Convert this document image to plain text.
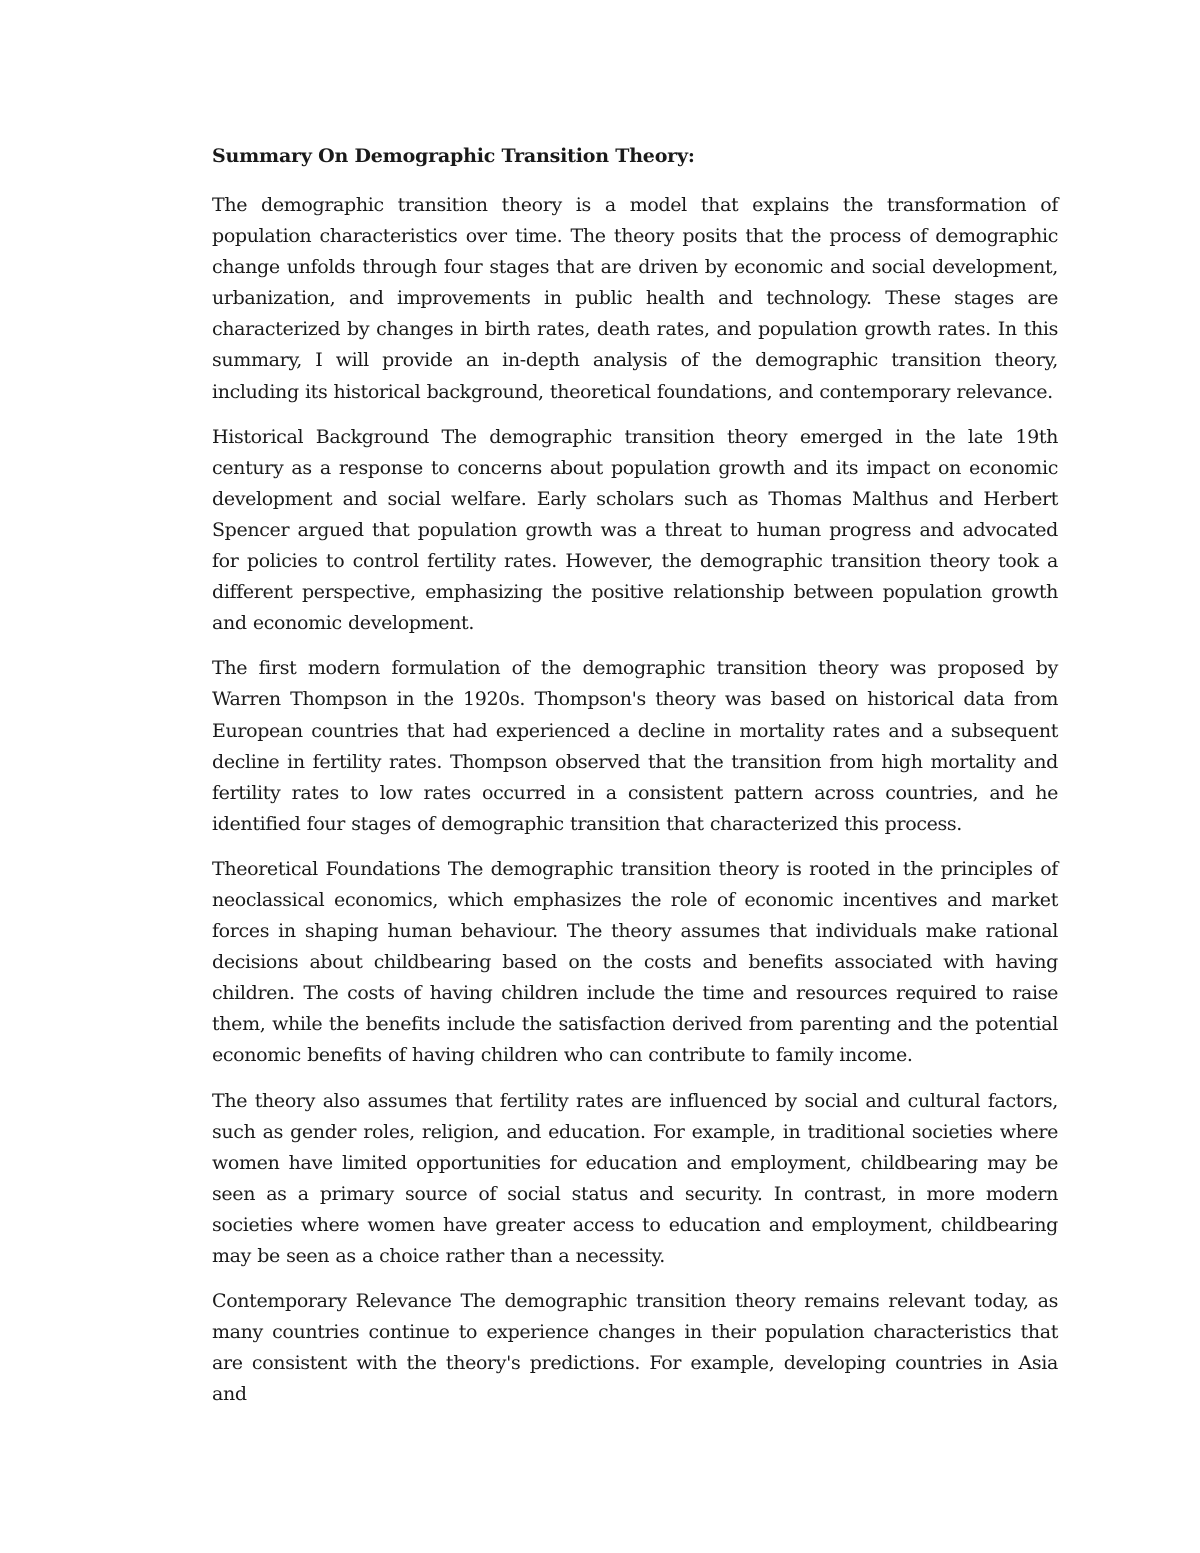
Summary On Demographic Transition Theory:

The demographic transition theory is a model that explains the transformation of population characteristics over time. The theory posits that the process of demographic change unfolds through four stages that are driven by economic and social development, urbanization, and improvements in public health and technology. These stages are characterized by changes in birth rates, death rates, and population growth rates. In this summary, I will provide an in-depth analysis of the demographic transition theory, including its historical background, theoretical foundations, and contemporary relevance.

Historical Background The demographic transition theory emerged in the late 19th century as a response to concerns about population growth and its impact on economic development and social welfare. Early scholars such as Thomas Malthus and Herbert Spencer argued that population growth was a threat to human progress and advocated for policies to control fertility rates. However, the demographic transition theory took a different perspective, emphasizing the positive relationship between population growth and economic development.

The first modern formulation of the demographic transition theory was proposed by Warren Thompson in the 1920s. Thompson's theory was based on historical data from European countries that had experienced a decline in mortality rates and a subsequent decline in fertility rates. Thompson observed that the transition from high mortality and fertility rates to low rates occurred in a consistent pattern across countries, and he identified four stages of demographic transition that characterized this process.

Theoretical Foundations The demographic transition theory is rooted in the principles of neoclassical economics, which emphasizes the role of economic incentives and market forces in shaping human behaviour. The theory assumes that individuals make rational decisions about childbearing based on the costs and benefits associated with having children. The costs of having children include the time and resources required to raise them, while the benefits include the satisfaction derived from parenting and the potential economic benefits of having children who can contribute to family income.

The theory also assumes that fertility rates are influenced by social and cultural factors, such as gender roles, religion, and education. For example, in traditional societies where women have limited opportunities for education and employment, childbearing may be seen as a primary source of social status and security. In contrast, in more modern societies where women have greater access to education and employment, childbearing may be seen as a choice rather than a necessity.

Contemporary Relevance The demographic transition theory remains relevant today, as many countries continue to experience changes in their population characteristics that are consistent with the theory's predictions. For example, developing countries in Asia and
